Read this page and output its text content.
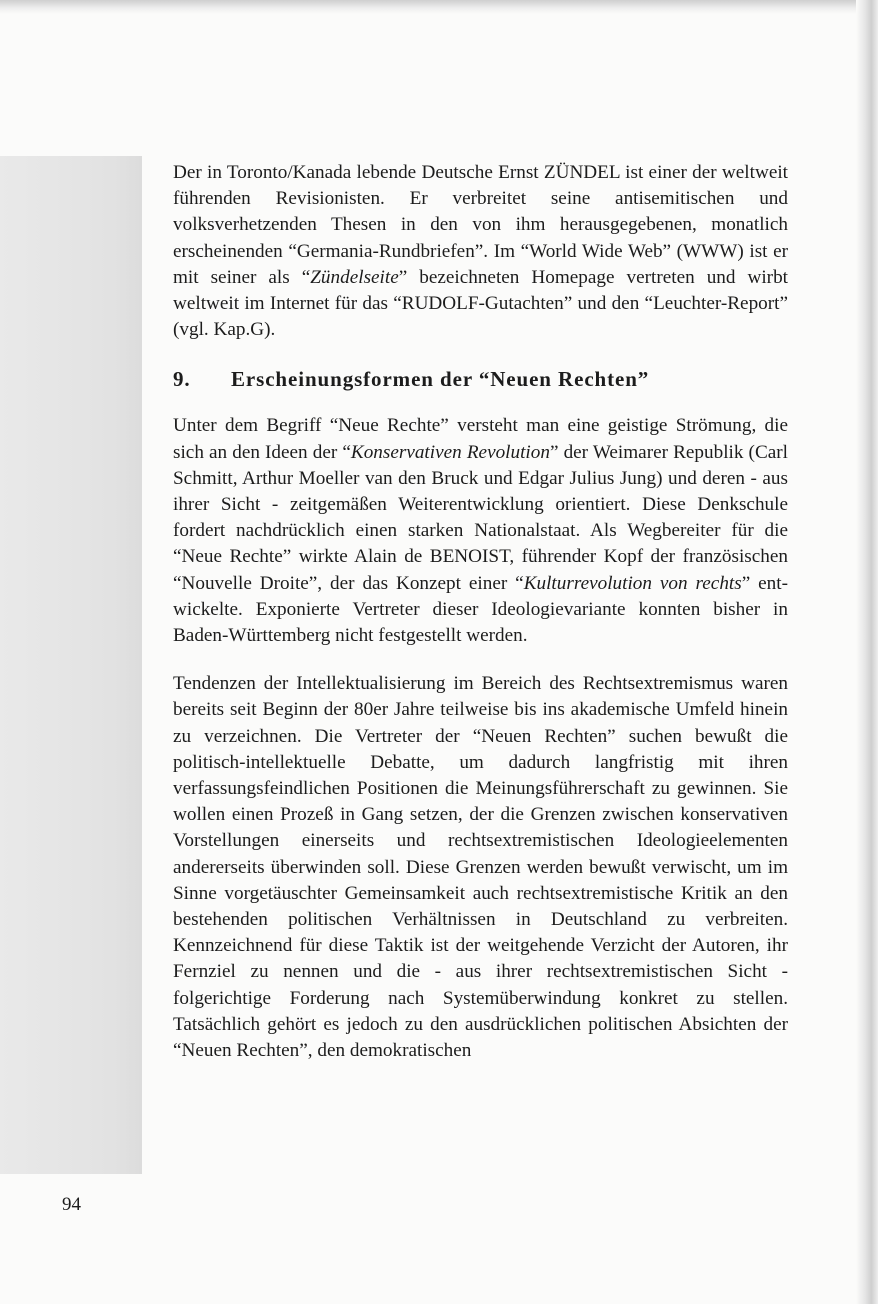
Der in Toronto/Kanada lebende Deutsche Ernst ZÜNDEL ist einer der weltweit führenden Revisionisten. Er verbreitet seine antisemitischen und volksverhetzenden Thesen in den von ihm herausgegebenen, monatlich erscheinenden “Germania-Rundbriefen”. Im “World Wide Web” (WWW) ist er mit seiner als “Zündelseite” bezeichneten Homepage vertreten und wirbt weltweit im Internet für das “RUDOLF-Gutachten” und den “Leuchter-Report” (vgl. Kap.G).

9.	Erscheinungsformen der “Neuen Rechten”

Unter dem Begriff “Neue Rechte” versteht man eine geistige Strömung, die sich an den Ideen der “Konservativen Revolution” der Weimarer Republik (Carl Schmitt, Arthur Moeller van den Bruck und Edgar Julius Jung) und deren - aus ihrer Sicht - zeitgemäßen Weiterentwicklung orientiert. Diese Denkschule fordert nachdrücklich einen starken Nationalstaat. Als Wegbereiter für die “Neue Rechte” wirkte Alain de BENOIST, führender Kopf der französischen “Nouvelle Droite”, der das Konzept einer “Kulturrevolution von rechts” entwickelte. Exponierte Vertreter dieser Ideologievariante konnten bisher in Baden-Württemberg nicht festgestellt werden.

Tendenzen der Intellektualisierung im Bereich des Rechtsextremismus waren bereits seit Beginn der 80er Jahre teilweise bis ins akademische Umfeld hinein zu verzeichnen. Die Vertreter der “Neuen Rechten” suchen bewußt die politisch-intellektuelle Debatte, um dadurch langfristig mit ihren verfassungsfeindlichen Positionen die Meinungsführerschaft zu gewinnen. Sie wollen einen Prozeß in Gang setzen, der die Grenzen zwischen konservativen Vorstellungen einerseits und rechtsextremistischen Ideologieelementen andererseits überwinden soll. Diese Grenzen werden bewußt verwischt, um im Sinne vorgetäuschter Gemeinsamkeit auch rechtsextremistische Kritik an den bestehenden politischen Verhältnissen in Deutschland zu verbreiten. Kennzeichnend für diese Taktik ist der weitgehende Verzicht der Autoren, ihr Fernziel zu nennen und die - aus ihrer rechtsextremistischen Sicht - folgerichtige Forderung nach Systemüberwindung konkret zu stellen. Tatsächlich gehört es jedoch zu den ausdrücklichen politischen Absichten der “Neuen Rechten”, den demokratischen

94
